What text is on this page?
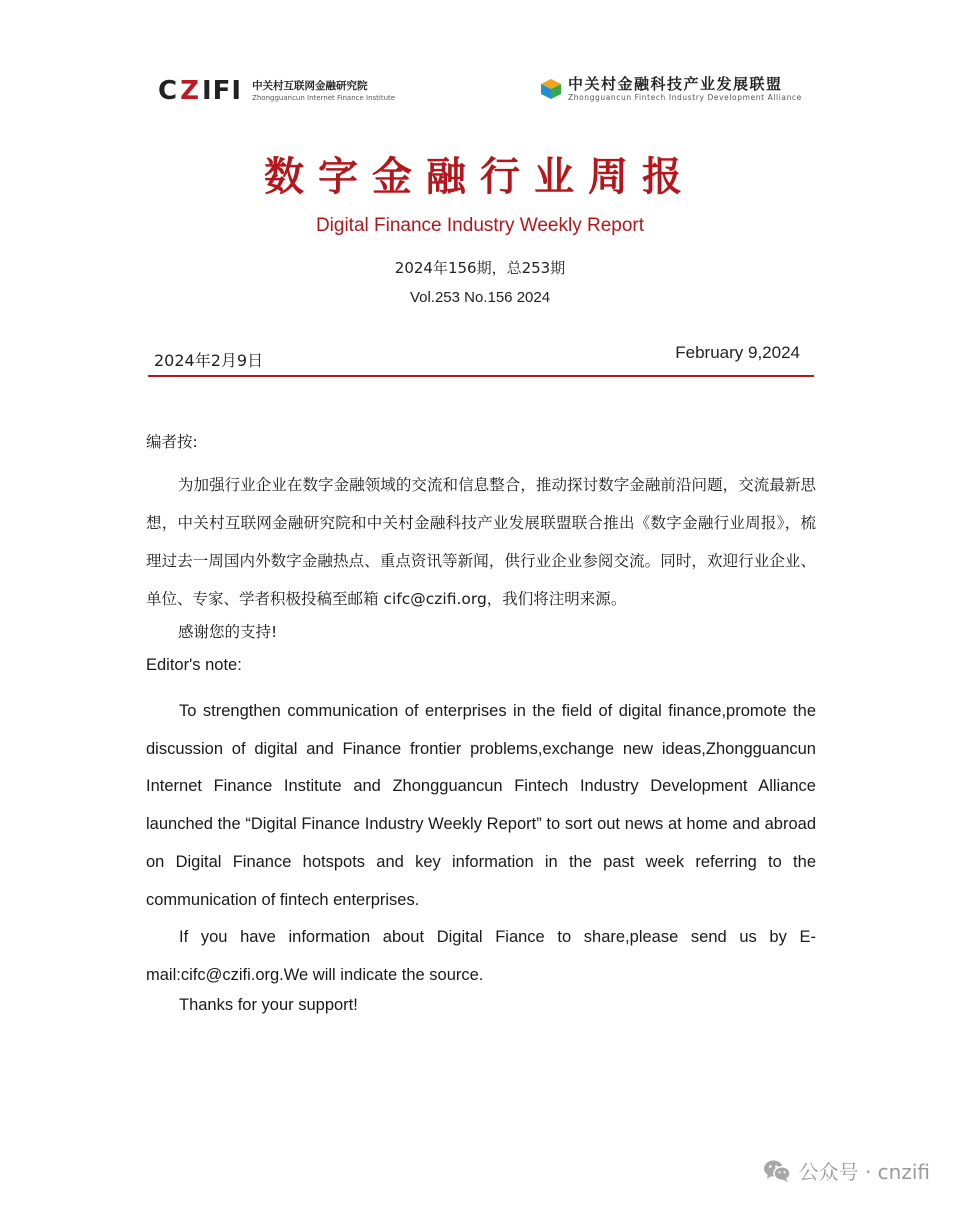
C Z IFI 中关村互联网金融研究院
Zhongguancun Internet Finance Institute
中关村金融科技产业发展联盟
Zhongguancun Fintech Industry Development Alliance
数字金融行业周报
Digital Finance Industry Weekly Report
2024年156期，总253期
Vol.253 No.156 2024
2024年2月9日	February 9,2024
编者按:
为加强行业企业在数字金融领域的交流和信息整合，推动探讨数字金融前沿问题，交流最新思想，中关村互联网金融研究院和中关村金融科技产业发展联盟联合推出《数字金融行业周报》，梳理过去一周国内外数字金融热点、重点资讯等新闻，供行业企业参阅交流。同时，欢迎行业企业、单位、专家、学者积极投稿至邮箱 cifc@czifi.org，我们将注明来源。
感谢您的支持!
Editor's note:
To strengthen communication of enterprises in the field of digital finance,promote the discussion of digital and Finance frontier problems,exchange new ideas,Zhongguancun Internet Finance Institute and Zhongguancun Fintech Industry Development Alliance launched the “Digital Finance Industry Weekly Report” to sort out news at home and abroad on Digital Finance hotspots and key information in the past week referring to the communication of fintech enterprises.
If you have information about Digital Fiance to share,please send us by E-mail:cifc@czifi.org.We will indicate the source.
Thanks for your support!
公众号 · cnzifi
